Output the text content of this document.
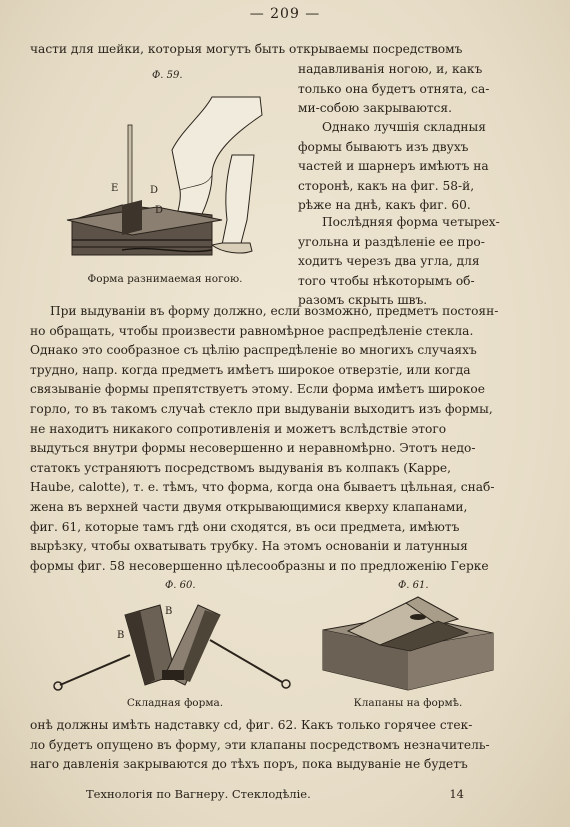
— 209 —
части для шейки, которыя могутъ быть открываемы посредствомъ
надавливанія ногою, и, какъ
только она будетъ отнята, са-
ми-собою закрываются.
Однако лучшія складныя
формы бываютъ изъ двухъ
частей и шарнеръ имѣютъ на
сторонѣ, какъ на фиг. 58-й,
рѣже на днѣ, какъ фиг. 60.
Послѣдняя форма четырех-
угольна и раздѣленіе ее про-
ходитъ черезъ два угла, для
того чтобы нѣкоторымъ об-
разомъ скрыть швъ.
Ф. 59.
E	D
D
Форма разнимаемая ногою.
При выдуваніи въ форму должно, если возможно, предметъ постоян-
но обращать, чтобы произвести равномѣрное распредѣленіе стекла.
Однако это сообразное съ цѣлію распредѣленіе во многихъ случаяхъ
трудно, напр. когда предметъ имѣетъ широкое отверзтіе, или когда
связываніе формы препятствуетъ этому. Если форма имѣетъ широкое
горло, то въ такомъ случаѣ стекло при выдуваніи выходитъ изъ формы,
не находитъ никакого сопротивленія и можетъ вслѣдствіе этого
выдуться внутри формы несовершенно и неравномѣрно. Этотъ недо-
статокъ устраняютъ посредствомъ выдуванія въ колпакъ (Kappe,
Haube, calotte), т. е. тѣмъ, что форма, когда она бываетъ цѣльная, снаб-
жена въ верхней части двумя открывающимися кверху клапанами,
фиг. 61, которые тамъ гдѣ они сходятся, въ оси предмета, имѣютъ
вырѣзку, чтобы охватывать трубку. На этомъ основаніи и латунныя
формы фиг. 58 несовершенно цѣлесообразны и по предложенію Герке
Ф. 60.
B
B
Складная форма.
Ф. 61.
Клапаны на формѣ.
онѣ должны имѣть надставку cd, фиг. 62. Какъ только горячее стек-
ло будетъ опущено въ форму, эти клапаны посредствомъ незначитель-
наго давленія закрываются до тѣхъ поръ, пока выдуваніе не будетъ
Технологія по Вагнеру. Стеклодѣліе.	14
